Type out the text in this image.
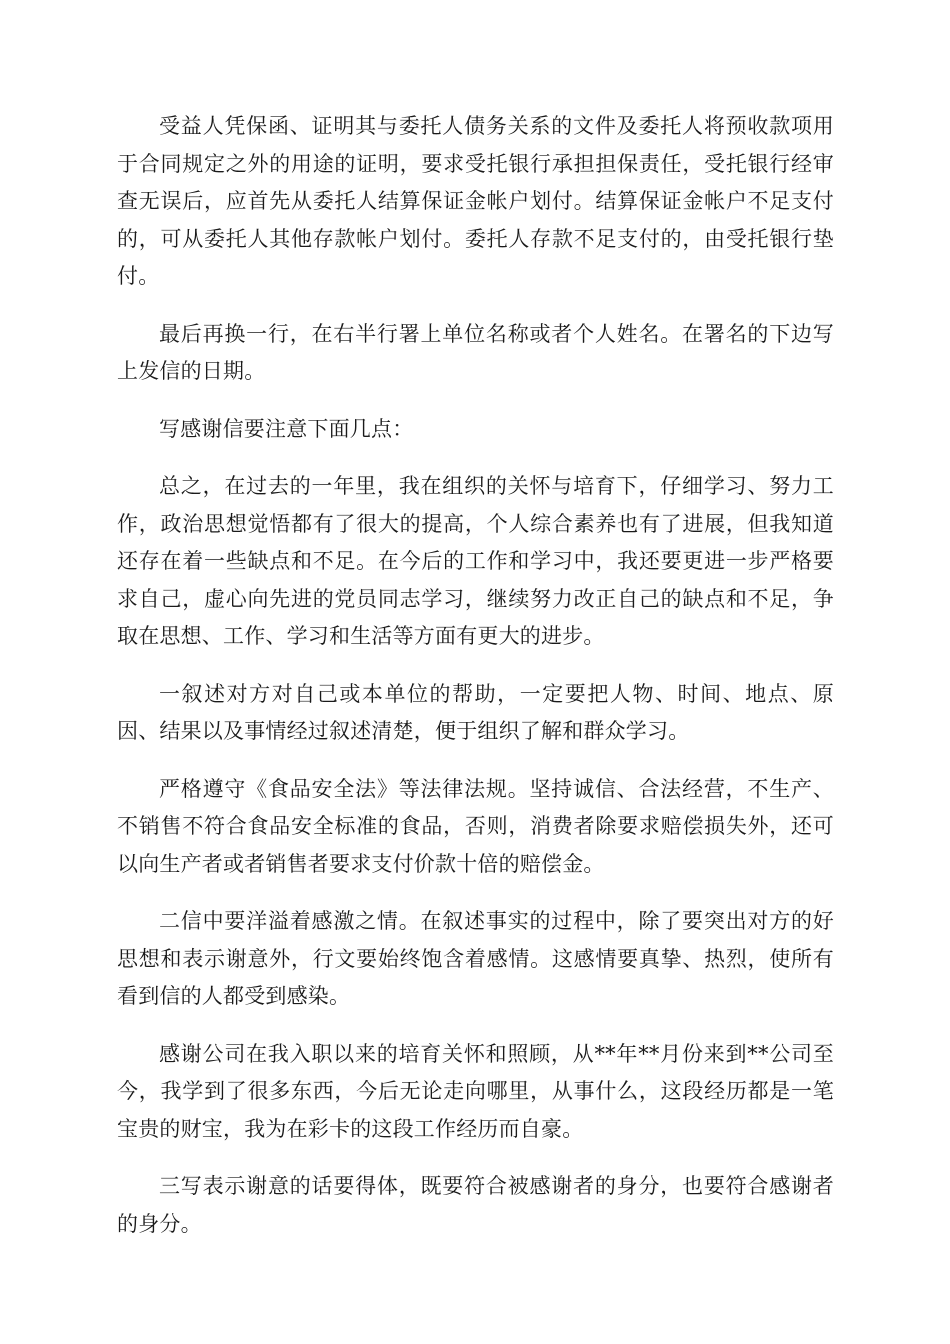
受益人凭保函、证明其与委托人债务关系的文件及委托人将预收款项用于合同规定之外的用途的证明，要求受托银行承担担保责任，受托银行经审查无误后，应首先从委托人结算保证金帐户划付。结算保证金帐户不足支付的，可从委托人其他存款帐户划付。委托人存款不足支付的，由受托银行垫付。

最后再换一行，在右半行署上单位名称或者个人姓名。在署名的下边写上发信的日期。

写感谢信要注意下面几点：

总之，在过去的一年里，我在组织的关怀与培育下，仔细学习、努力工作，政治思想觉悟都有了很大的提高，个人综合素养也有了进展，但我知道还存在着一些缺点和不足。在今后的工作和学习中，我还要更进一步严格要求自己，虚心向先进的党员同志学习，继续努力改正自己的缺点和不足，争取在思想、工作、学习和生活等方面有更大的进步。

一叙述对方对自己或本单位的帮助，一定要把人物、时间、地点、原因、结果以及事情经过叙述清楚，便于组织了解和群众学习。

严格遵守《食品安全法》等法律法规。坚持诚信、合法经营，不生产、不销售不符合食品安全标准的食品，否则，消费者除要求赔偿损失外，还可以向生产者或者销售者要求支付价款十倍的赔偿金。

二信中要洋溢着感激之情。在叙述事实的过程中，除了要突出对方的好思想和表示谢意外，行文要始终饱含着感情。这感情要真挚、热烈，使所有看到信的人都受到感染。

感谢公司在我入职以来的培育关怀和照顾，从**年**月份来到**公司至今，我学到了很多东西，今后无论走向哪里，从事什么，这段经历都是一笔宝贵的财宝，我为在彩卡的这段工作经历而自豪。

三写表示谢意的话要得体，既要符合被感谢者的身分，也要符合感谢者的身分。
